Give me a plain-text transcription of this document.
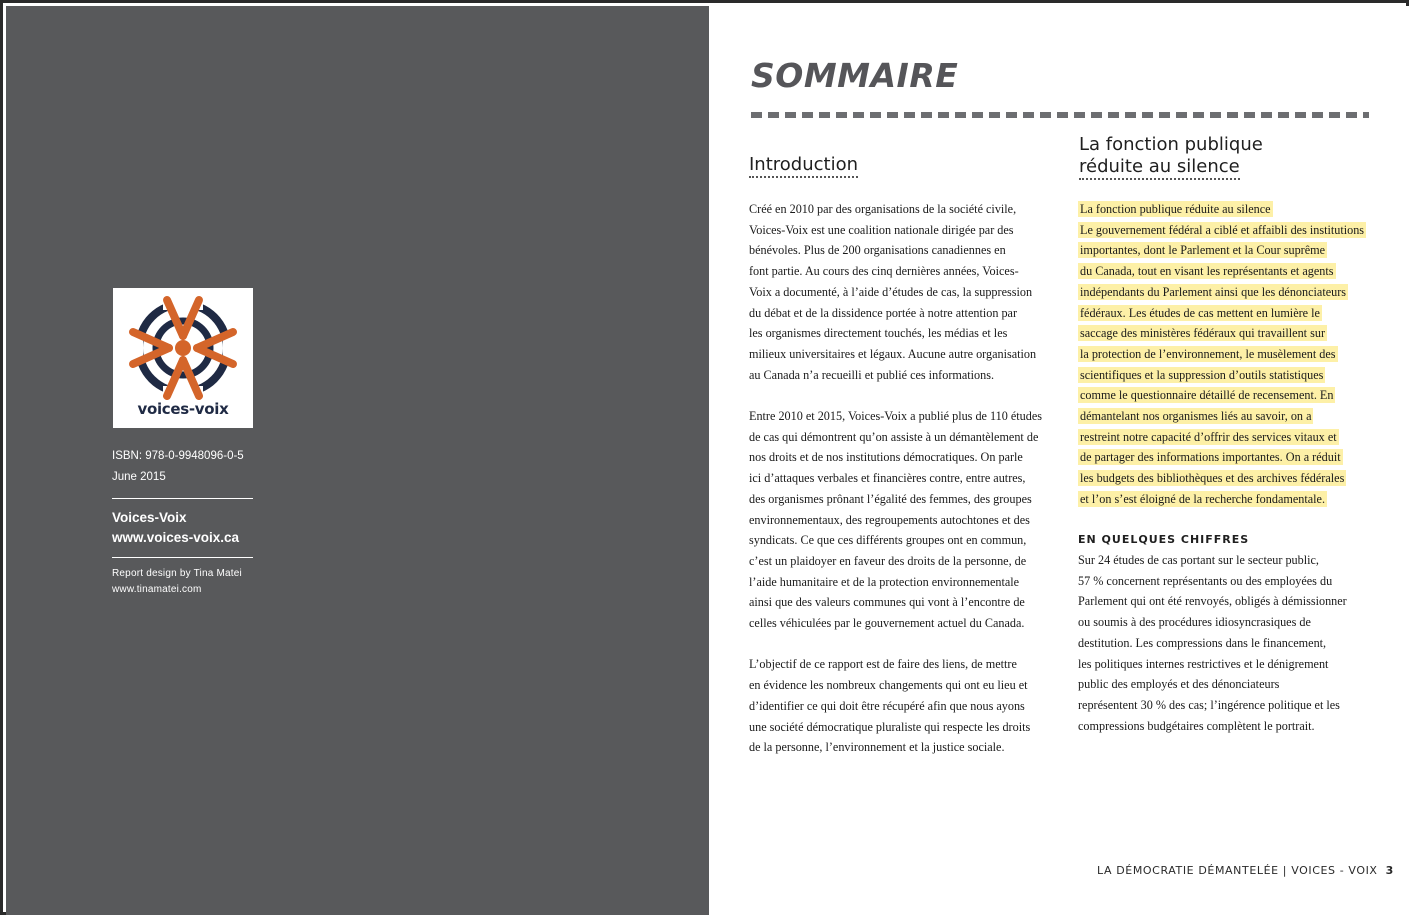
voices-voix
ISBN: 978-0-9948096-0-5
June 2015
Voices-Voix
www.voices-voix.ca
Report design by Tina Matei
www.tinamatei.com
SOMMAIRE
Introduction
La fonction publique
réduite au silence
Créé en 2010 par des organisations de la société civile,
Voices-Voix est une coalition nationale dirigée par des
bénévoles. Plus de 200 organisations canadiennes en
font partie. Au cours des cinq dernières années, Voices-
Voix a documenté, à l’aide d’études de cas, la suppression
du débat et de la dissidence portée à notre attention par
les organismes directement touchés, les médias et les
milieux universitaires et légaux. Aucune autre organisation
au Canada n’a recueilli et publié ces informations.
Entre 2010 et 2015, Voices-Voix a publié plus de 110 études
de cas qui démontrent qu’on assiste à un démantèlement de
nos droits et de nos institutions démocratiques. On parle
ici d’attaques verbales et financières contre, entre autres,
des organismes prônant l’égalité des femmes, des groupes
environnementaux, des regroupements autochtones et des
syndicats. Ce que ces différents groupes ont en commun,
c’est un plaidoyer en faveur des droits de la personne, de
l’aide humanitaire et de la protection environnementale
ainsi que des valeurs communes qui vont à l’encontre de
celles véhiculées par le gouvernement actuel du Canada.
L’objectif de ce rapport est de faire des liens, de mettre
en évidence les nombreux changements qui ont eu lieu et
d’identifier ce qui doit être récupéré afin que nous ayons
une société démocratique pluraliste qui respecte les droits
de la personne, l’environnement et la justice sociale.
La fonction publique réduite au silence
Le gouvernement fédéral a ciblé et affaibli des institutions
importantes, dont le Parlement et la Cour suprême
du Canada, tout en visant les représentants et agents
indépendants du Parlement ainsi que les dénonciateurs
fédéraux. Les études de cas mettent en lumière le
saccage des ministères fédéraux qui travaillent sur
la protection de l’environnement, le musèlement des
scientifiques et la suppression d’outils statistiques
comme le questionnaire détaillé de recensement. En
démantelant nos organismes liés au savoir, on a
restreint notre capacité d’offrir des services vitaux et
de partager des informations importantes. On a réduit
les budgets des bibliothèques et des archives fédérales
et l’on s’est éloigné de la recherche fondamentale.
EN QUELQUES CHIFFRES
Sur 24 études de cas portant sur le secteur public,
57 % concernent représentants ou des employées du
Parlement qui ont été renvoyés, obligés à démissionner
ou soumis à des procédures idiosyncrasiques de
destitution. Les compressions dans le financement,
les politiques internes restrictives et le dénigrement
public des employés et des dénonciateurs
représentent 30 % des cas; l’ingérence politique et les
compressions budgétaires complètent le portrait.
LA DÉMOCRATIE DÉMANTELÉE | VOICES - VOIX 3
